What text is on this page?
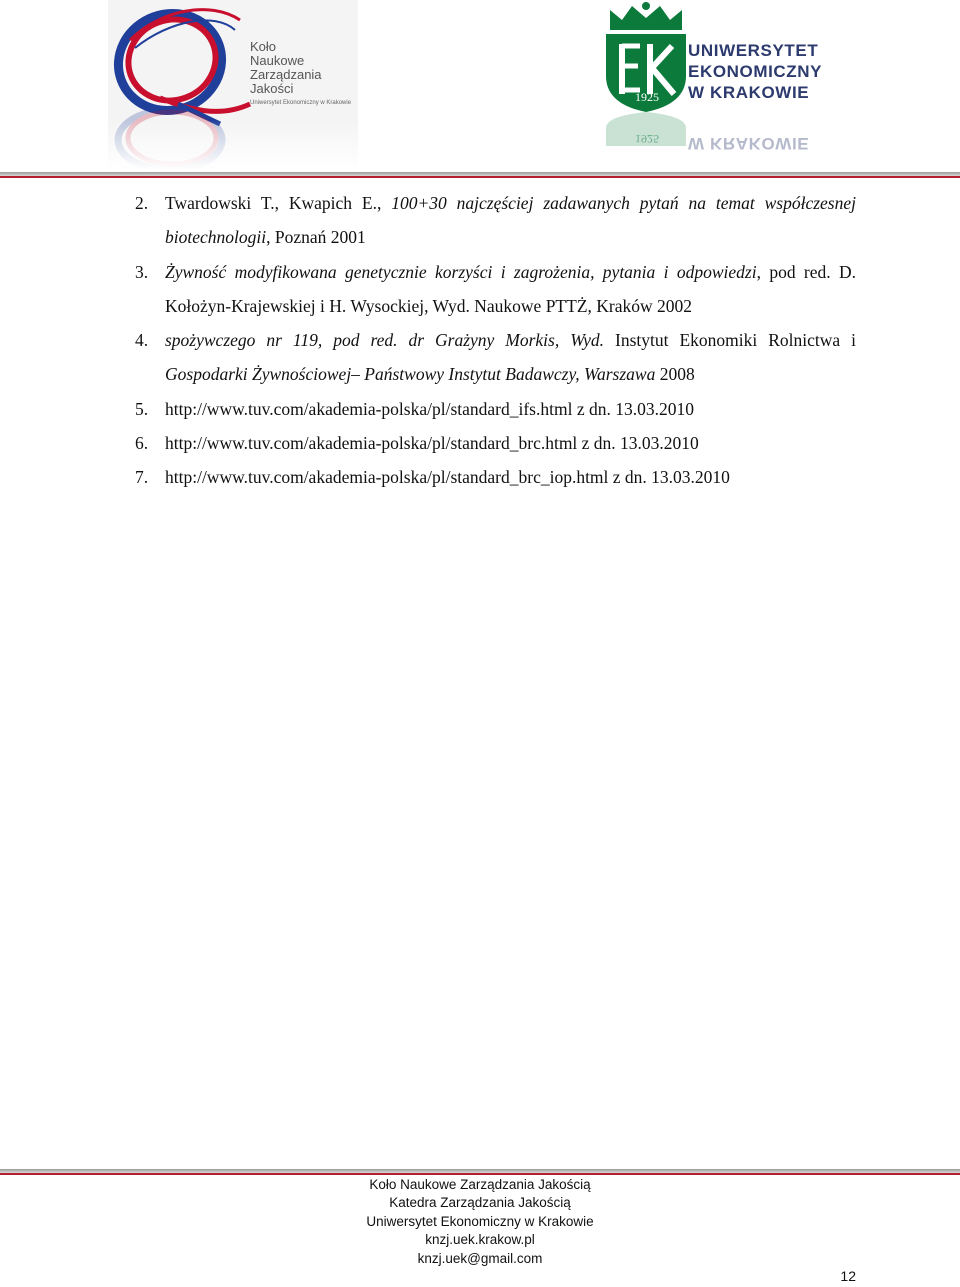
Koło
Naukowe
Zarządzania
Jakości
Uniwersytet Ekonomiczny w Krakowie	1925
1925
UNIWERSYTET
EKONOMICZNY
W KRAKOWIE
W KRAKOWIE
2. Twardowski T., Kwapich E., 100+30 najczęściej zadawanych pytań na temat współczesnej biotechnologii, Poznań 2001
3. Żywność modyfikowana genetycznie korzyści i zagrożenia, pytania i odpowiedzi, pod red. D. Kołożyn-Krajewskiej i H. Wysockiej, Wyd. Naukowe PTTŻ, Kraków 2002
4. spożywczego nr 119, pod red. dr Grażyny Morkis, Wyd. Instytut Ekonomiki Rolnictwa i Gospodarki Żywnościowej– Państwowy Instytut Badawczy, Warszawa 2008
5. http://www.tuv.com/akademia-polska/pl/standard_ifs.html z dn. 13.03.2010
6. http://www.tuv.com/akademia-polska/pl/standard_brc.html z dn. 13.03.2010
7. http://www.tuv.com/akademia-polska/pl/standard_brc_iop.html z dn. 13.03.2010
Koło Naukowe Zarządzania Jakością
Katedra Zarządzania Jakością
Uniwersytet Ekonomiczny w Krakowie
knzj.uek.krakow.pl
knzj.uek@gmail.com
12
